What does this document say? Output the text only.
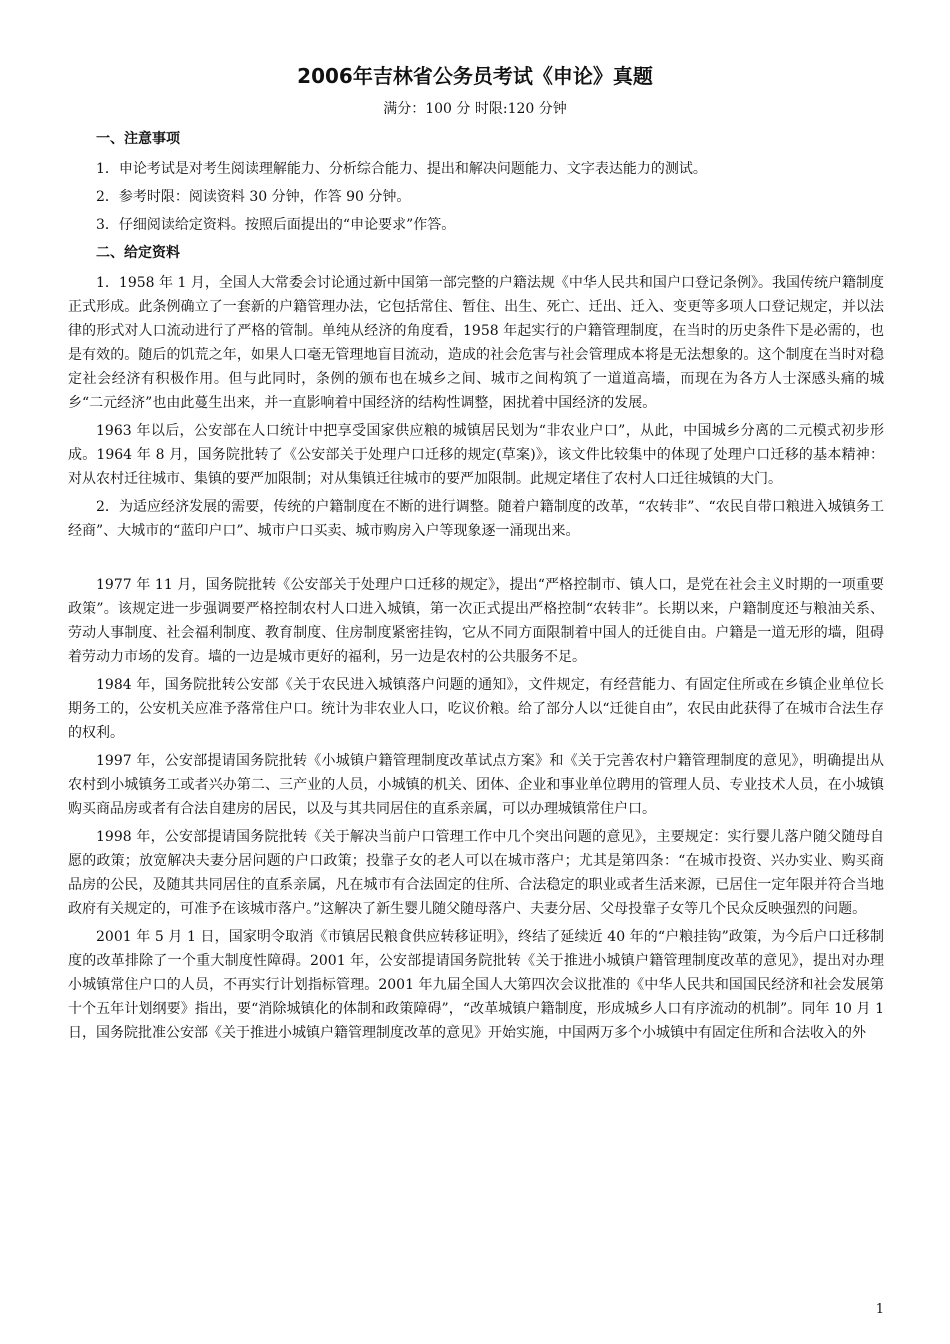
2006年吉林省公务员考试《申论》真题
满分：100 分 时限:120 分钟

一、注意事项

1．申论考试是对考生阅读理解能力、分析综合能力、提出和解决问题能力、文字表达能力的测试。

2．参考时限：阅读资料 30 分钟，作答 90 分钟。

3．仔细阅读给定资料。按照后面提出的“申论要求”作答。

二、给定资料

1．1958 年 1 月，全国人大常委会讨论通过新中国第一部完整的户籍法规《中华人民共和国户口登记条例》。我国传统户籍制度正式形成。此条例确立了一套新的户籍管理办法，它包括常住、暂住、出生、死亡、迁出、迁入、变更等多项人口登记规定，并以法律的形式对人口流动进行了严格的管制。单纯从经济的角度看，1958 年起实行的户籍管理制度，在当时的历史条件下是必需的，也是有效的。随后的饥荒之年，如果人口毫无管理地盲目流动，造成的社会危害与社会管理成本将是无法想象的。这个制度在当时对稳定社会经济有积极作用。但与此同时，条例的颁布也在城乡之间、城市之间构筑了一道道高墙，而现在为各方人士深感头痛的城乡“二元经济”也由此蔓生出来，并一直影响着中国经济的结构性调整，困扰着中国经济的发展。

1963 年以后，公安部在人口统计中把享受国家供应粮的城镇居民划为“非农业户口”，从此，中国城乡分离的二元模式初步形成。1964 年 8 月，国务院批转了《公安部关于处理户口迁移的规定(草案)》，该文件比较集中的体现了处理户口迁移的基本精神：对从农村迁往城市、集镇的要严加限制；对从集镇迁往城市的要严加限制。此规定堵住了农村人口迁往城镇的大门。

2．为适应经济发展的需要，传统的户籍制度在不断的进行调整。随着户籍制度的改革，“农转非”、“农民自带口粮进入城镇务工经商”、大城市的“蓝印户口”、城市户口买卖、城市购房入户等现象逐一涌现出来。

1977 年 11 月，国务院批转《公安部关于处理户口迁移的规定》，提出“严格控制市、镇人口，是党在社会主义时期的一项重要政策”。该规定进一步强调要严格控制农村人口进入城镇，第一次正式提出严格控制“农转非”。长期以来，户籍制度还与粮油关系、劳动人事制度、社会福利制度、教育制度、住房制度紧密挂钩，它从不同方面限制着中国人的迁徙自由。户籍是一道无形的墙，阻碍着劳动力市场的发育。墙的一边是城市更好的福利，另一边是农村的公共服务不足。

1984 年，国务院批转公安部《关于农民进入城镇落户问题的通知》，文件规定，有经营能力、有固定住所或在乡镇企业单位长期务工的，公安机关应准予落常住户口。统计为非农业人口，吃议价粮。给了部分人以“迁徙自由”，农民由此获得了在城市合法生存的权利。

1997 年，公安部提请国务院批转《小城镇户籍管理制度改革试点方案》和《关于完善农村户籍管理制度的意见》，明确提出从农村到小城镇务工或者兴办第二、三产业的人员，小城镇的机关、团体、企业和事业单位聘用的管理人员、专业技术人员，在小城镇购买商品房或者有合法自建房的居民，以及与其共同居住的直系亲属，可以办理城镇常住户口。

1998 年，公安部提请国务院批转《关于解决当前户口管理工作中几个突出问题的意见》，主要规定：实行婴儿落户随父随母自愿的政策；放宽解决夫妻分居问题的户口政策；投靠子女的老人可以在城市落户；尤其是第四条：“在城市投资、兴办实业、购买商品房的公民，及随其共同居住的直系亲属，凡在城市有合法固定的住所、合法稳定的职业或者生活来源，已居住一定年限并符合当地政府有关规定的，可准予在该城市落户。”这解决了新生婴儿随父随母落户、夫妻分居、父母投靠子女等几个民众反映强烈的问题。

2001 年 5 月 1 日，国家明令取消《市镇居民粮食供应转移证明》，终结了延续近 40 年的“户粮挂钩”政策，为今后户口迁移制度的改革排除了一个重大制度性障碍。2001 年，公安部提请国务院批转《关于推进小城镇户籍管理制度改革的意见》，提出对办理小城镇常住户口的人员，不再实行计划指标管理。2001 年九届全国人大第四次会议批准的《中华人民共和国国民经济和社会发展第十个五年计划纲要》指出，要“消除城镇化的体制和政策障碍”，“改革城镇户籍制度，形成城乡人口有序流动的机制”。同年 10 月 1 日，国务院批准公安部《关于推进小城镇户籍管理制度改革的意见》开始实施，中国两万多个小城镇中有固定住所和合法收入的外

1
